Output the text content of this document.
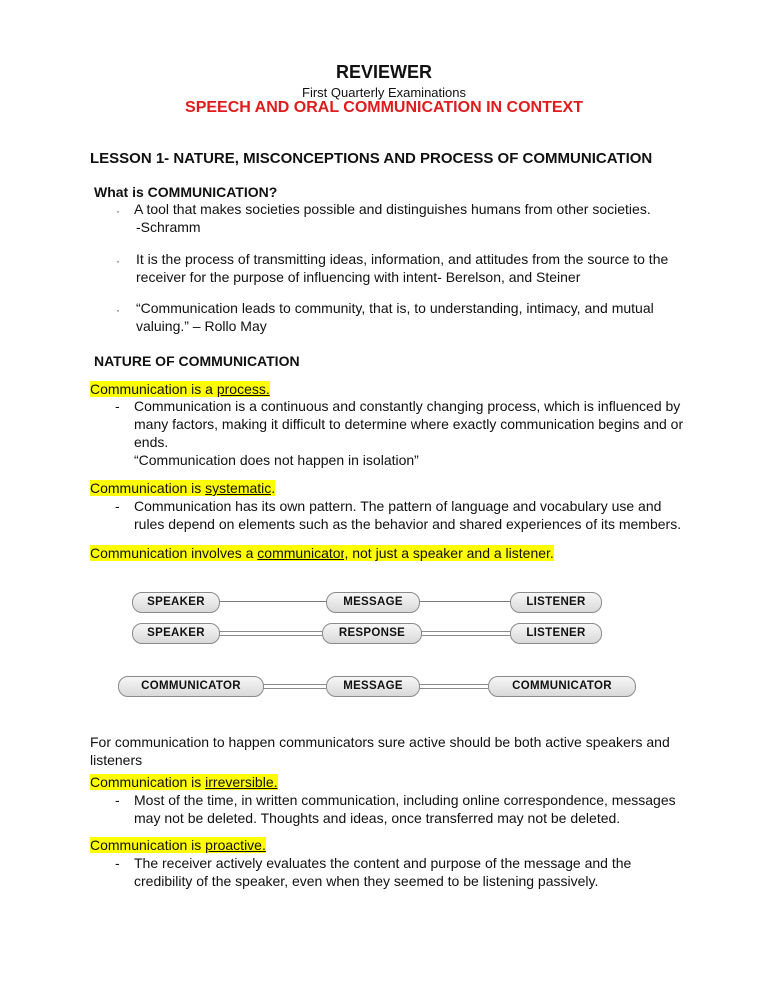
REVIEWER
First Quarterly Examinations
SPEECH AND ORAL COMMUNICATION IN CONTEXT
LESSON 1- NATURE, MISCONCEPTIONS AND PROCESS OF COMMUNICATION
What is COMMUNICATION?
· A tool that makes societies possible and distinguishes humans from other societies.
-Schramm
· It is the process of transmitting ideas, information, and attitudes from the source to the
receiver for the purpose of influencing with intent- Berelson, and Steiner
· “Communication leads to community, that is, to understanding, intimacy, and mutual
valuing.” – Rollo May
NATURE OF COMMUNICATION
Communication is a process.
- Communication is a continuous and constantly changing process, which is influenced by
many factors, making it difficult to determine where exactly communication begins and or
ends.
“Communication does not happen in isolation”
Communication is systematic.
- Communication has its own pattern. The pattern of language and vocabulary use and
rules depend on elements such as the behavior and shared experiences of its members.
Communication involves a communicator, not just a speaker and a listener.
SPEAKER	MESSAGE	LISTENER
SPEAKER	RESPONSE	LISTENER
COMMUNICATOR	MESSAGE	COMMUNICATOR
For communication to happen communicators sure active should be both active speakers and
listeners
Communication is irreversible.
- Most of the time, in written communication, including online correspondence, messages
may not be deleted. Thoughts and ideas, once transferred may not be deleted.
Communication is proactive.
- The receiver actively evaluates the content and purpose of the message and the
credibility of the speaker, even when they seemed to be listening passively.
